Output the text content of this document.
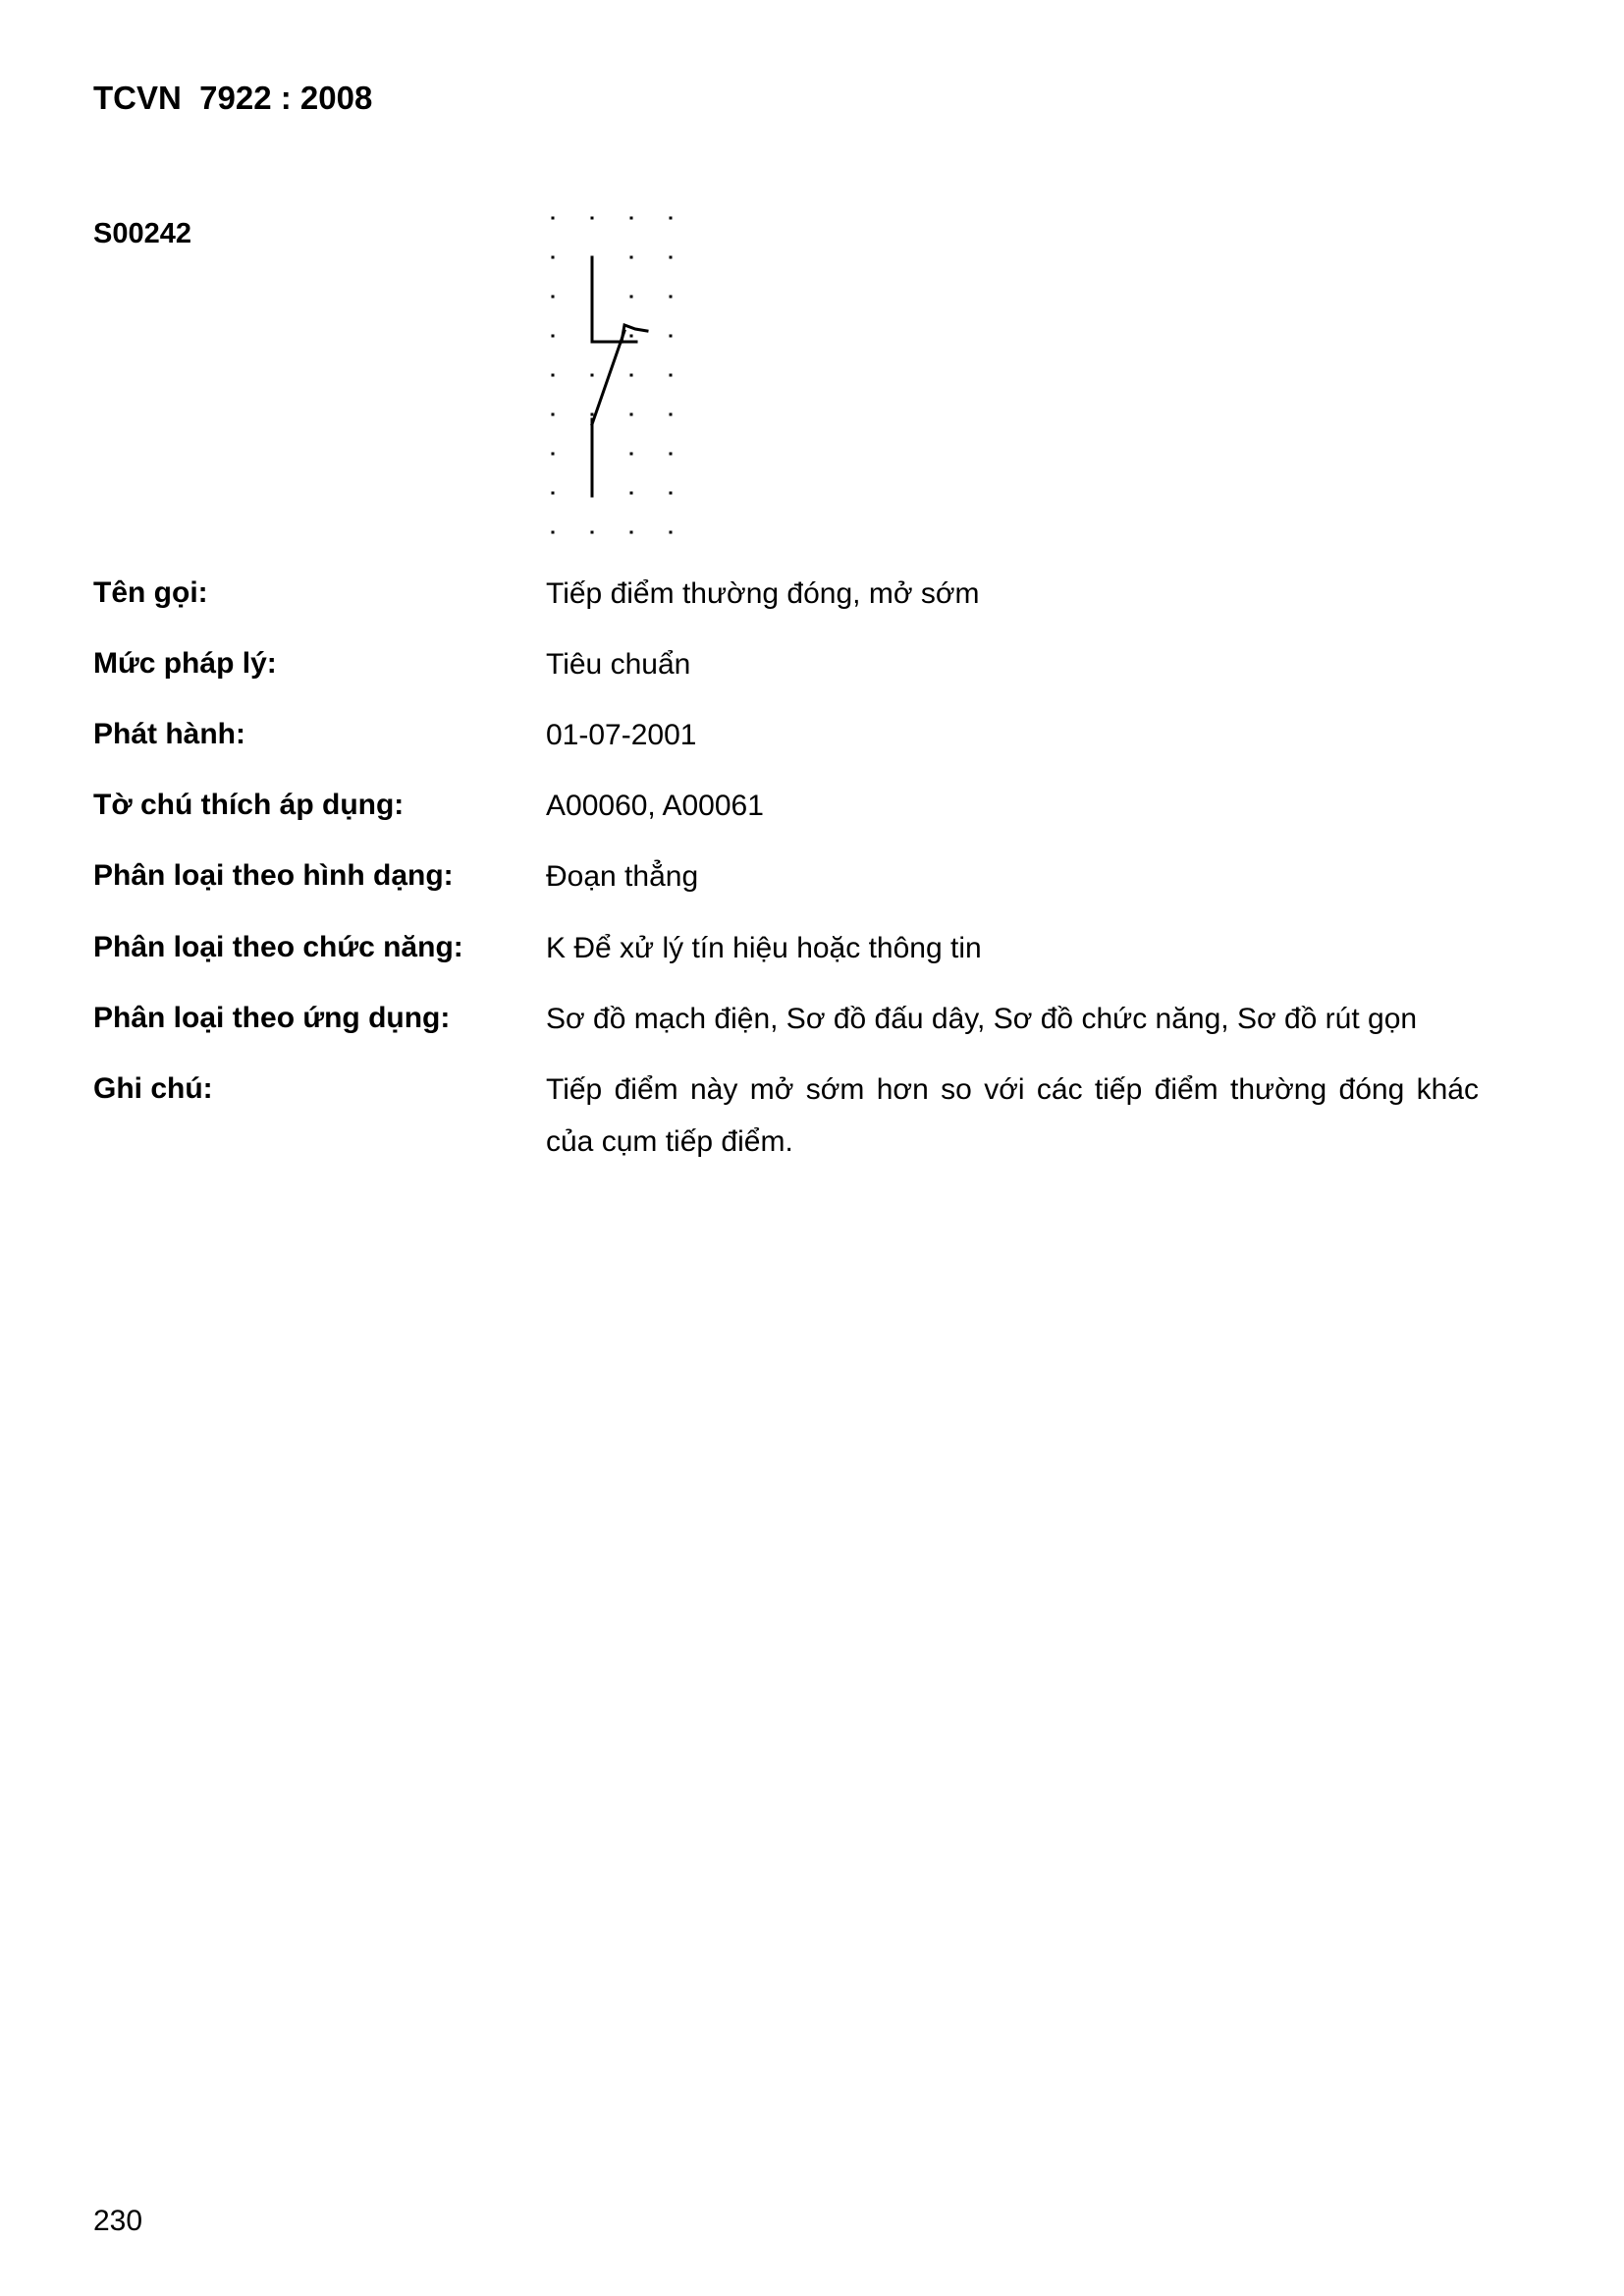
TCVN  7922 : 2008
S00242
Tên gọi:	Tiếp điểm thường đóng, mở sớm
Mức pháp lý:	Tiêu chuẩn
Phát hành:	01-07-2001
Tờ chú thích áp dụng:	A00060, A00061
Phân loại theo hình dạng:	Đoạn thẳng
Phân loại theo chức năng:	K Để xử lý tín hiệu hoặc thông tin
Phân loại theo ứng dụng:	Sơ đồ mạch điện, Sơ đồ đấu dây, Sơ đồ chức năng, Sơ đồ rút gọn
Ghi chú:	Tiếp điểm này mở sớm hơn so với các tiếp điểm thường đóng khác của cụm tiếp điểm.
230
